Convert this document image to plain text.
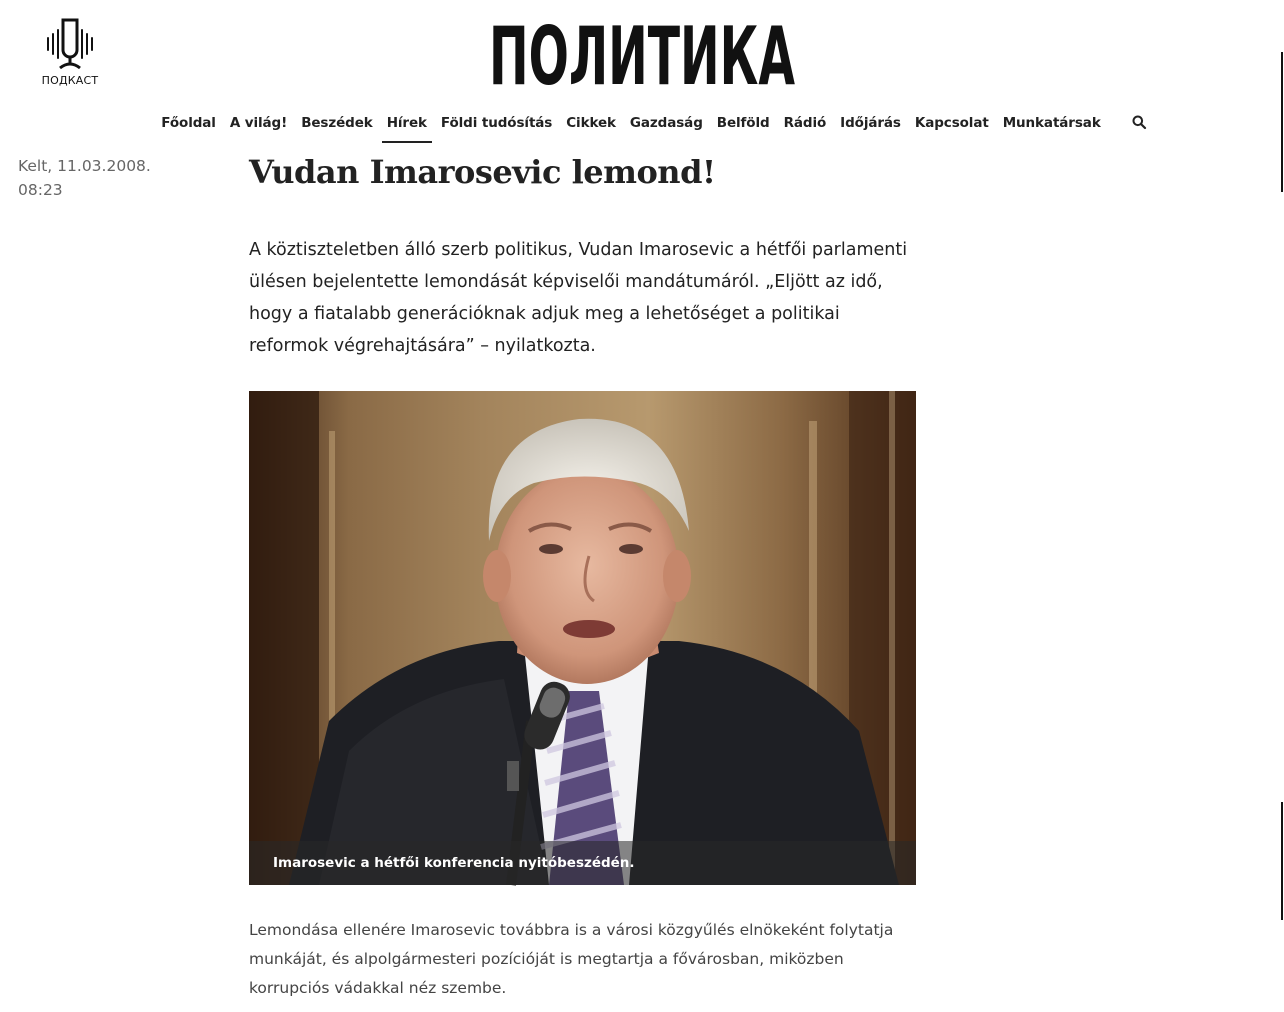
ПОДКАСТ	ПОЛИТИКА
Főoldal	A világ!	Beszédek	Hírek	Földi tudósítás	Cikkek	Gazdaság	Belföld	Rádió	Időjárás	Kapcsolat	Munkatársak
Kelt, 11.03.2008.
08:23	Vudan Imarosevic lemond!

A köztiszteletben álló szerb politikus, Vudan Imarosevic a hétfői parlamenti ülésen bejelentette lemondását képviselői mandátumáról. „Eljött az idő, hogy a fiatalabb generációknak adjuk meg a lehetőséget a politikai reformok végrehajtására” – nyilatkozta.

Imarosevic a hétfői konferencia nyitóbeszédén.

Lemondása ellenére Imarosevic továbbra is a városi közgyűlés elnökeként folytatja munkáját, és alpolgármesteri pozícióját is megtartja a fővárosban, miközben korrupciós vádakkal néz szembe.
